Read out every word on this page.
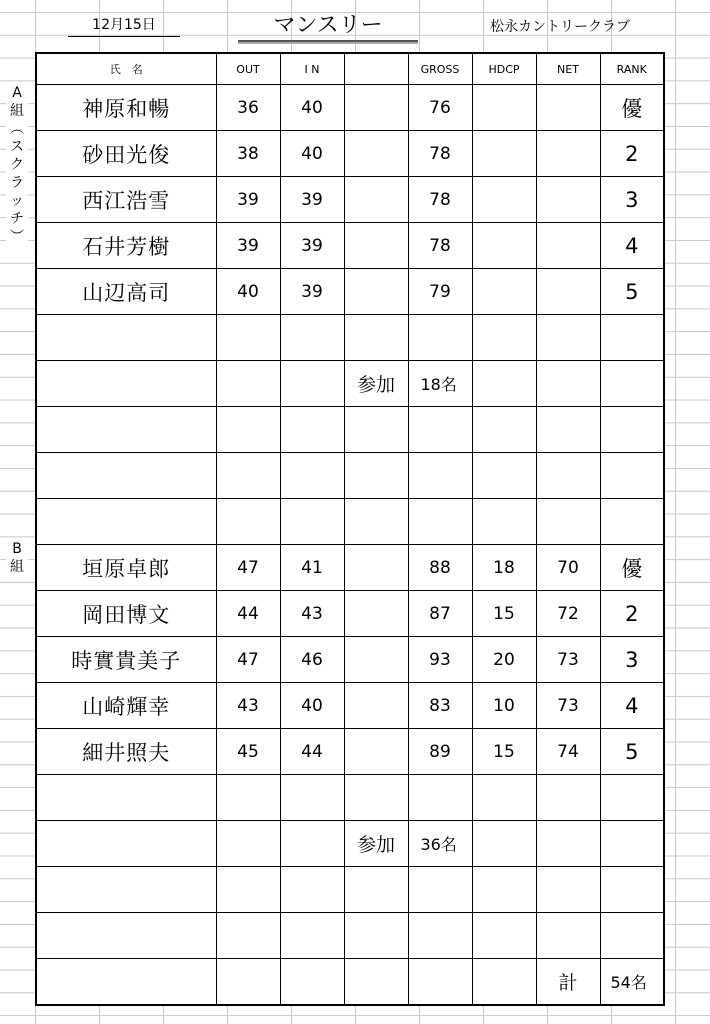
12月15日	マンスリー	松永カントリークラブ
A
組
︵
ス
ク
ラ
ッ
チ
︶
B
組
氏　名	OUT	I N		GROSS	HDCP	NET	RANK
神原和暢	36	40		76			優
砂田光俊	38	40		78			2
西江浩雪	39	39		78			3
石井芳樹	39	39		78			4
山辺高司	40	39		79			5

			参加	18名			

垣原卓郎	47	41		88	18	70	優
岡田博文	44	43		87	15	72	2
時實貴美子	47	46		93	20	73	3
山崎輝幸	43	40		83	10	73	4
細井照夫	45	44		89	15	74	5

			参加	36名			

						計	54名
